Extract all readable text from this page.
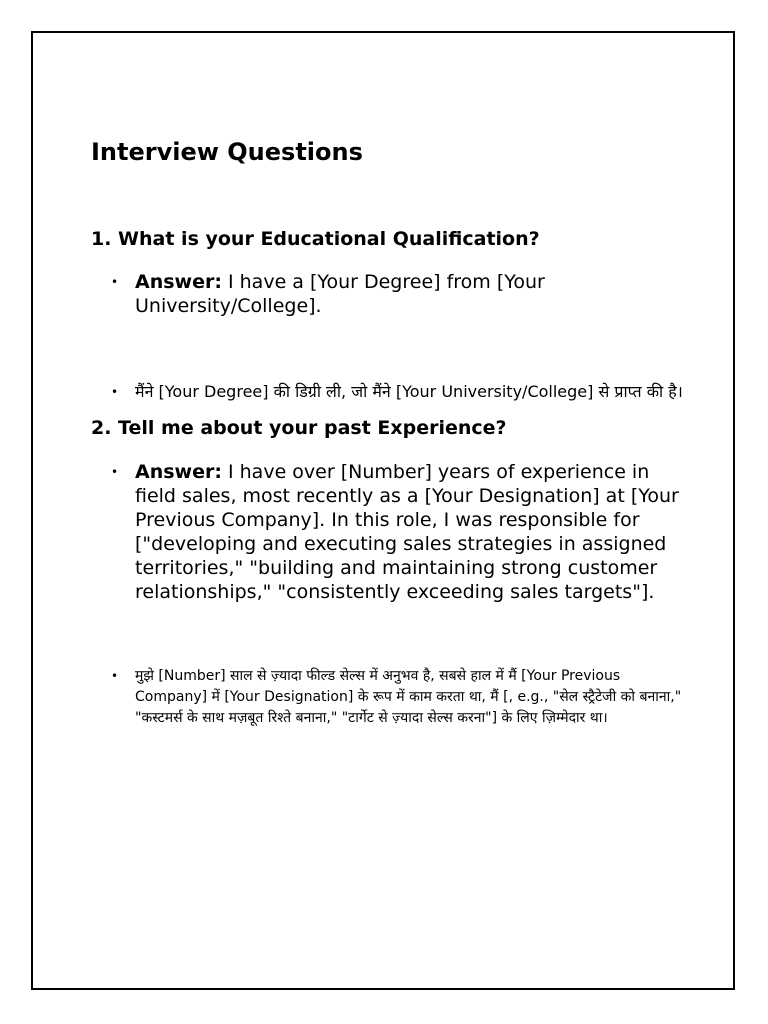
Interview Questions
1. What is your Educational Qualification?
• Answer: I have a [Your Degree] from [Your University/College].
• मैंने [Your Degree] की डिग्री ली, जो मैंने [Your University/College] से प्राप्त की है।
2. Tell me about your past Experience?
• Answer: I have over [Number] years of experience in field sales, most recently as a [Your Designation] at [Your Previous Company]. In this role, I was responsible for ["developing and executing sales strategies in assigned territories," "building and maintaining strong customer relationships," "consistently exceeding sales targets"].
• मुझे [Number] साल से ज़्यादा फील्ड सेल्स में अनुभव है, सबसे हाल में मैं [Your Previous Company] में [Your Designation] के रूप में काम करता था, मैं [, e.g., "सेल स्ट्रैटेजी को बनाना," "कस्टमर्स के साथ मज़बूत रिश्ते बनाना," "टार्गेट से ज़्यादा सेल्स करना"] के लिए ज़िम्मेदार था।
